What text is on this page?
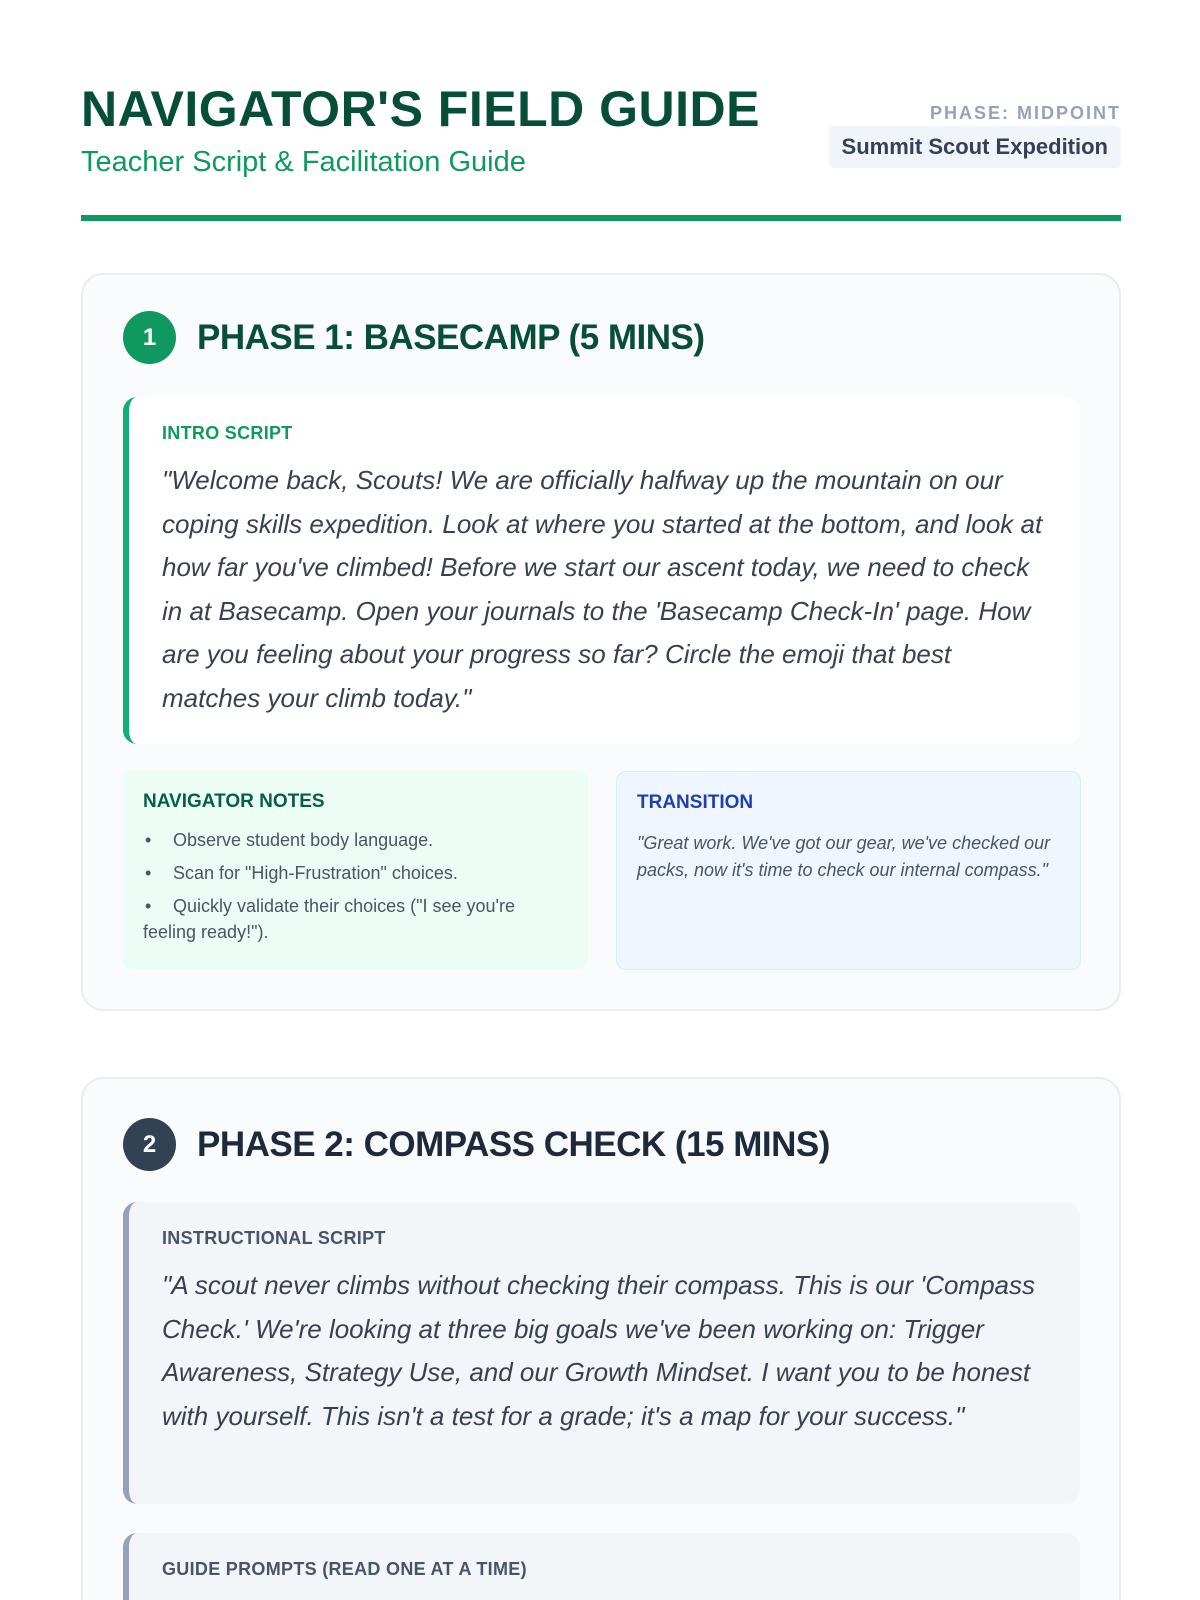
NAVIGATOR'S FIELD GUIDE
Teacher Script & Facilitation Guide
PHASE: MIDPOINT
Summit Scout Expedition
1	PHASE 1: BASECAMP (5 MINS)
INTRO SCRIPT
"Welcome back, Scouts! We are officially halfway up the mountain on our coping skills expedition. Look at where you started at the bottom, and look at how far you've climbed! Before we start our ascent today, we need to check in at Basecamp. Open your journals to the 'Basecamp Check-In' page. How are you feeling about your progress so far? Circle the emoji that best matches your climb today."
NAVIGATOR NOTES
• Observe student body language.
• Scan for "High-Frustration" choices.
• Quickly validate their choices ("I see you're feeling ready!").
TRANSITION
"Great work. We've got our gear, we've checked our packs, now it's time to check our internal compass."
2	PHASE 2: COMPASS CHECK (15 MINS)
INSTRUCTIONAL SCRIPT
"A scout never climbs without checking their compass. This is our 'Compass Check.' We're looking at three big goals we've been working on: Trigger Awareness, Strategy Use, and our Growth Mindset. I want you to be honest with yourself. This isn't a test for a grade; it's a map for your success."
GUIDE PROMPTS (READ ONE AT A TIME)
